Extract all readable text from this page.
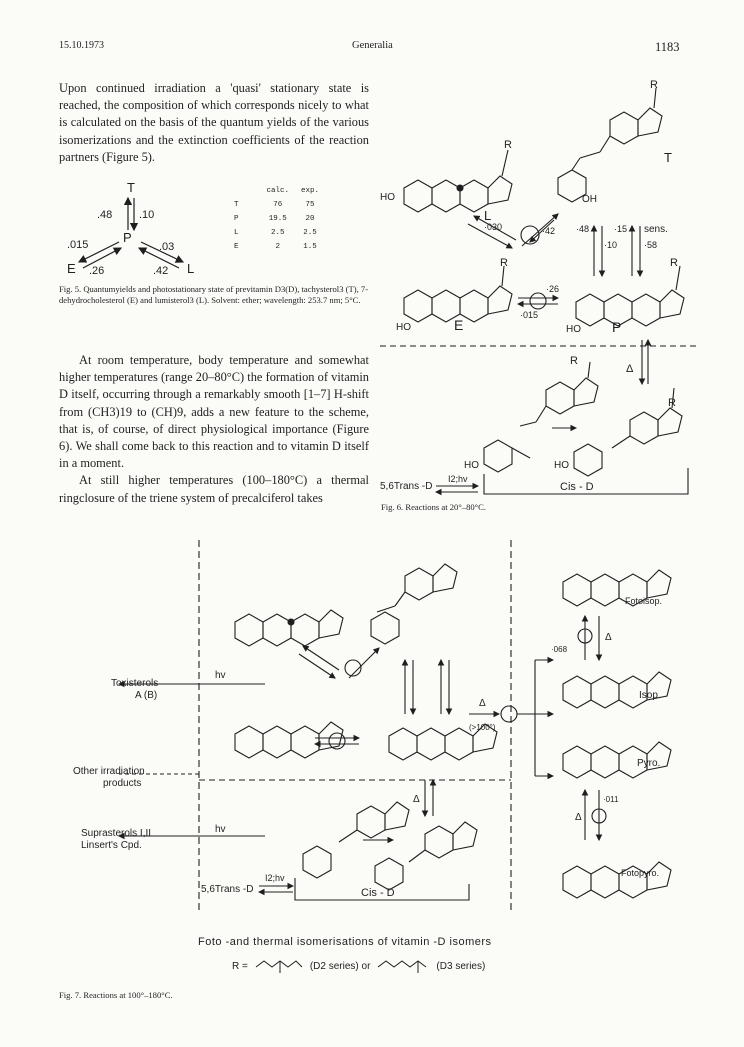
15.10.1973	Generalia	1183

Upon continued irradiation a 'quasi' stationary state is reached, the composition of which corresponds nicely to what is calculated on the basis of the quantum yields of the various isomerizations and the extinction coefficients of the reaction partners (Figure 5).

T
P
E	L
.48 .10
.015
.26
.03
.42
	calc.	exp.
T	76	75
P	19.5	20
L	2.5	2.5
E	2	1.5
Fig. 5. Quantumyields and photostationary state of previtamin D3(D), tachysterol3 (T), 7-dehydrocholesterol (E) and lumisterol3 (L). Solvent: ether; wavelength: 253.7 nm; 5°C.

At room temperature, body temperature and somewhat higher temperatures (range 20–80°C) the formation of vitamin D itself, occurring through a remarkably smooth [1–7] H-shift from (CH3)19 to (CH)9, adds a new feature to the scheme, that is, of course, of direct physiological importance (Figure 6). We shall come back to this reaction and to vitamin D itself in a moment.

At still higher temperatures (100–180°C) a thermal ringclosure of the triene system of precalciferol takes

R
R
HO
L
T
OH
·030	·42 ·48
·10
·15 sens.
·58
R	R
·26
·015
HO	E	HO P
R
Δ
R
HO	HO
5,6Trans -D
I2;hv
Cis - D
Fig. 6. Reactions at 20°–80°C.
Toxisterols
A (B)
hv
Other irradiation
products
Suprasterols I,II
Linsert's Cpd.
hv
Fotoisop.
Isop.
Pyro.
Fotopyro.
·068
Δ
·011
Δ
(>100°)
Δ
Δ
5,6Trans -D
I2;hv
Cis - D
Foto -and thermal isomerisations of vitamin -D isomers
R =	(D2 series) or	(D3 series)
Fig. 7. Reactions at 100°–180°C.
